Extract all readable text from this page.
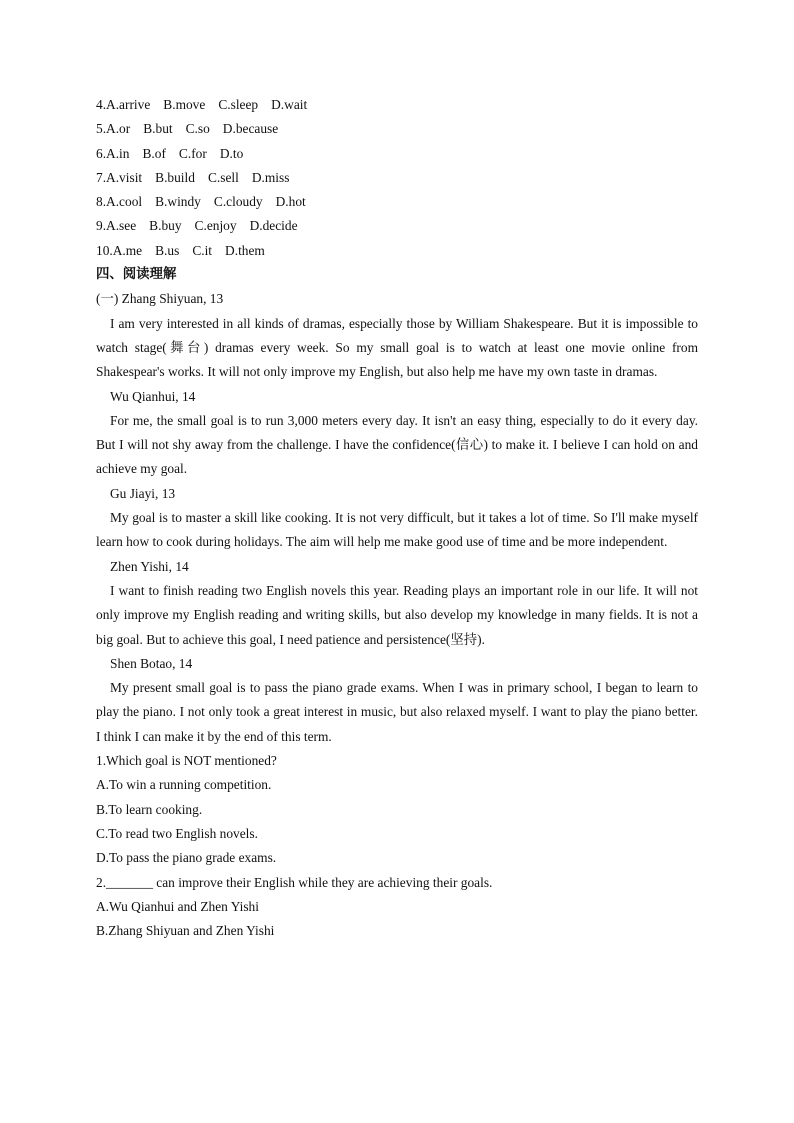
4.A.arrive B.move C.sleep D.wait
5.A.or B.but C.so D.because
6.A.in B.of C.for D.to
7.A.visit B.build C.sell D.miss
8.A.cool B.windy C.cloudy D.hot
9.A.see B.buy C.enjoy D.decide
10.A.me B.us C.it D.them
四、阅读理解
(一) Zhang Shiyuan, 13
I am very interested in all kinds of dramas, especially those by William Shakespeare. But it is impossible to watch stage(舞台) dramas every week. So my small goal is to watch at least one movie online from Shakespear's works. It will not only improve my English, but also help me have my own taste in dramas.
Wu Qianhui, 14
For me, the small goal is to run 3,000 meters every day. It isn't an easy thing, especially to do it every day. But I will not shy away from the challenge. I have the confidence(信心) to make it. I believe I can hold on and achieve my goal.
Gu Jiayi, 13
My goal is to master a skill like cooking. It is not very difficult, but it takes a lot of time. So I'll make myself learn how to cook during holidays. The aim will help me make good use of time and be more independent.
Zhen Yishi, 14
I want to finish reading two English novels this year. Reading plays an important role in our life. It will not only improve my English reading and writing skills, but also develop my knowledge in many fields. It is not a big goal. But to achieve this goal, I need patience and persistence(坚持).
Shen Botao, 14
My present small goal is to pass the piano grade exams. When I was in primary school, I began to learn to play the piano. I not only took a great interest in music, but also relaxed myself. I want to play the piano better. I think I can make it by the end of this term.
1.Which goal is NOT mentioned?
A.To win a running competition.
B.To learn cooking.
C.To read two English novels.
D.To pass the piano grade exams.
2._______ can improve their English while they are achieving their goals.
A.Wu Qianhui and Zhen Yishi
B.Zhang Shiyuan and Zhen Yishi
